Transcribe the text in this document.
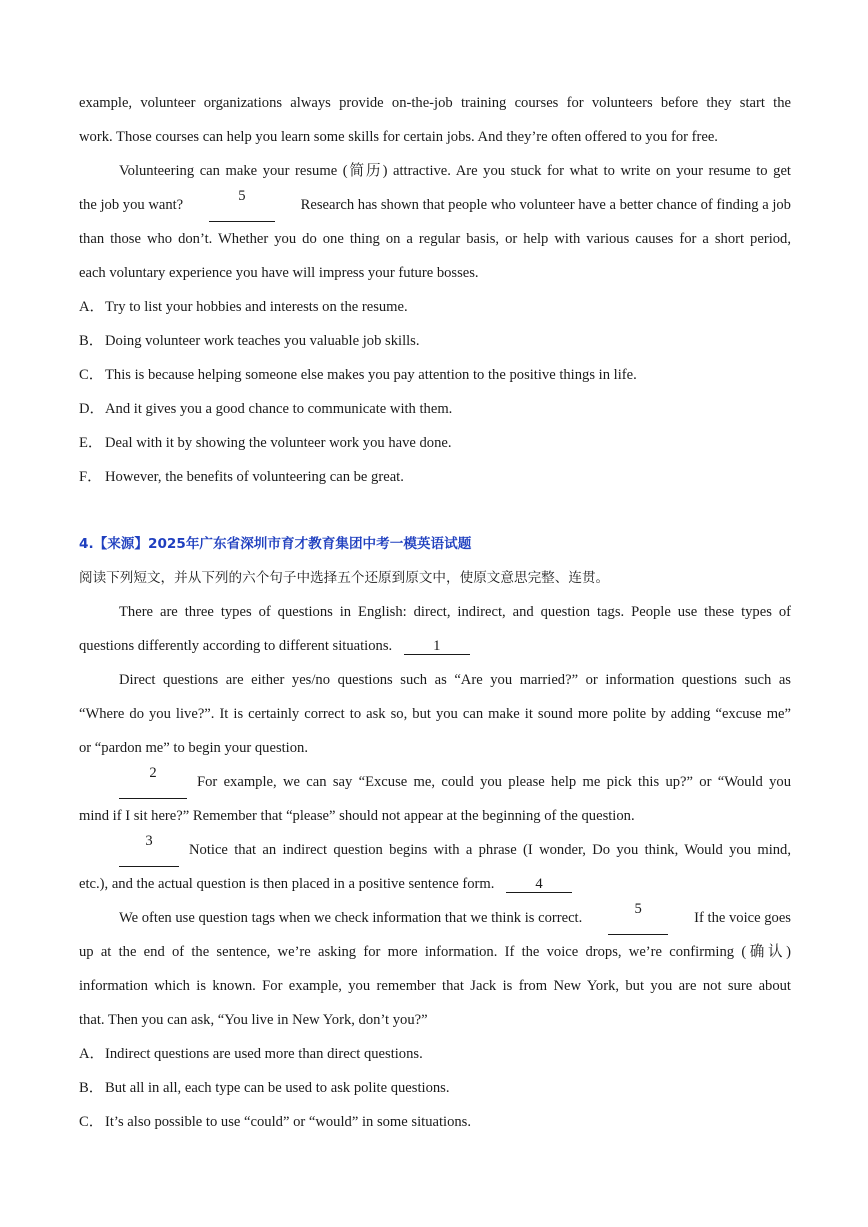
example, volunteer organizations always provide on-the-job training courses for volunteers before they start the
work. Those courses can help you learn some skills for certain jobs. And they’re often offered to you for free.
Volunteering can make your resume (简历) attractive. Are you stuck for what to write on your resume to get
the job you want?
5
Research has shown that people who volunteer have a better chance of finding a job
than those who don’t. Whether you do one thing on a regular basis, or help with various causes for a short period,
each voluntary experience you have will impress your future bosses.
A．Try to list your hobbies and interests on the resume.
B． Doing volunteer work teaches you valuable job skills.
C． This is because helping someone else makes you pay attention to the positive things in life.
D．And it gives you a good chance to communicate with them.
E． Deal with it by showing the volunteer work you have done.
F． However, the benefits of volunteering can be great.
4.【来源】2025年广东省深圳市育才教育集团中考一模英语试题
阅读下列短文，并从下列的六个句子中选择五个还原到原文中，使原文意思完整、连贯。
There are three types of questions in English: direct, indirect, and question tags. People use these types of
questions differently according to different situations.	1
Direct questions are either yes/no questions such as “Are you married?” or information questions such as
“Where do you live?”. It is certainly correct to ask so, but you can make it sound more polite by adding “excuse me”
or “pardon me” to begin your question.
2
For example, we can say “Excuse me, could you please help me pick this up?” or “Would you
mind if I sit here?” Remember that “please” should not appear at the beginning of the question.
3
Notice that an indirect question begins with a phrase (I wonder, Do you think, Would you mind,
etc.), and the actual question is then placed in a positive sentence form.	4
We often use question tags when we check information that we think is correct.
5
If the voice goes
up at the end of the sentence, we’re asking for more information. If the voice drops, we’re confirming (确认)
information which is known. For example, you remember that Jack is from New York, but you are not sure about
that. Then you can ask, “You live in New York, don’t you?”
A．Indirect questions are used more than direct questions.
B． But all in all, each type can be used to ask polite questions.
C． It’s also possible to use “could” or “would” in some situations.
